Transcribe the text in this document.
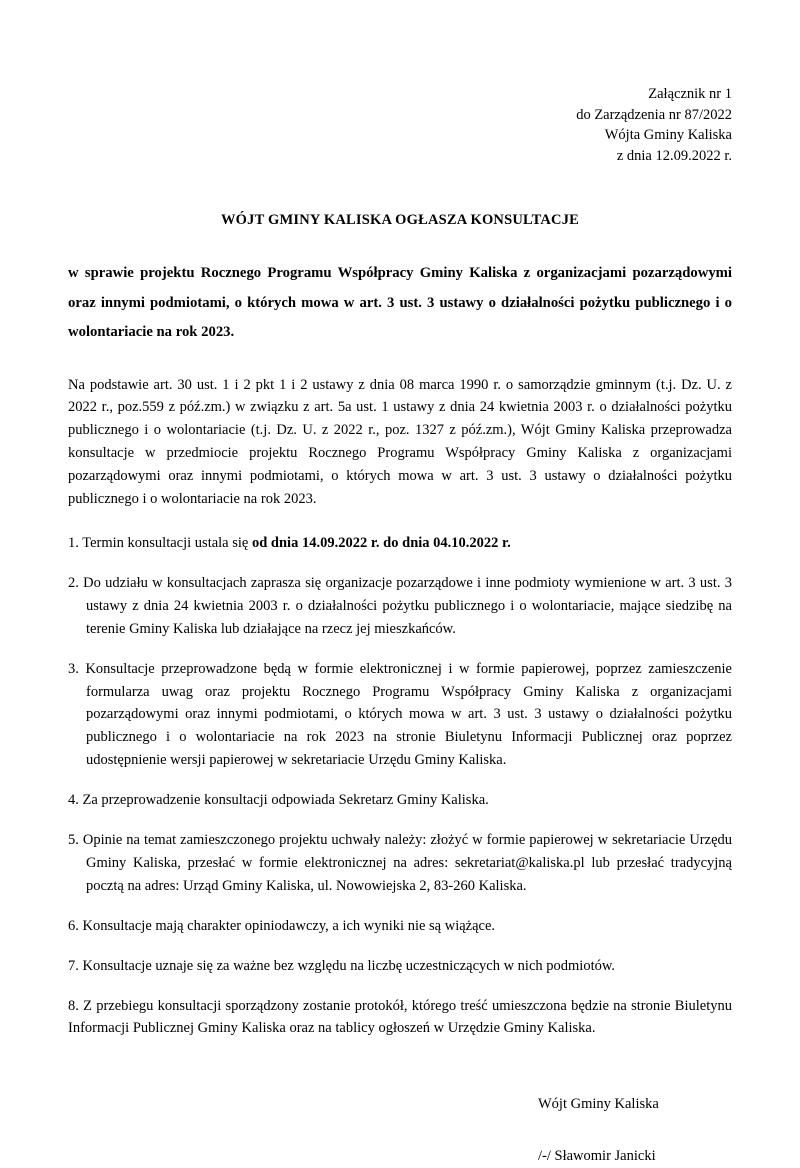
Załącznik nr 1
do Zarządzenia nr 87/2022
Wójta Gminy Kaliska
z dnia 12.09.2022 r.
WÓJT GMINY KALISKA OGŁASZA KONSULTACJE
w sprawie projektu Rocznego Programu Współpracy Gminy Kaliska z organizacjami pozarządowymi oraz innymi podmiotami, o których mowa w art. 3 ust. 3 ustawy o działalności pożytku publicznego i o wolontariacie na rok 2023.
Na podstawie art. 30 ust. 1 i 2 pkt 1 i 2 ustawy z dnia 08 marca 1990 r. o samorządzie gminnym (t.j. Dz. U. z 2022 r., poz.559 z póź.zm.) w związku z art. 5a ust. 1 ustawy z dnia 24 kwietnia 2003 r. o działalności pożytku publicznego i o wolontariacie (t.j. Dz. U. z 2022 r., poz. 1327 z póź.zm.), Wójt Gminy Kaliska przeprowadza konsultacje w przedmiocie projektu Rocznego Programu Współpracy Gminy Kaliska z organizacjami pozarządowymi oraz innymi podmiotami, o których mowa w art. 3 ust. 3 ustawy o działalności pożytku publicznego i o wolontariacie na rok 2023.
1. Termin konsultacji ustala się od dnia 14.09.2022 r. do dnia 04.10.2022 r.
2. Do udziału w konsultacjach zaprasza się organizacje pozarządowe i inne podmioty wymienione w art. 3 ust. 3 ustawy z dnia 24 kwietnia 2003 r. o działalności pożytku publicznego i o wolontariacie, mające siedzibę na terenie Gminy Kaliska lub działające na rzecz jej mieszkańców.
3. Konsultacje przeprowadzone będą w formie elektronicznej i w formie papierowej, poprzez zamieszczenie formularza uwag oraz projektu Rocznego Programu Współpracy Gminy Kaliska z organizacjami pozarządowymi oraz innymi podmiotami, o których mowa w art. 3 ust. 3 ustawy o działalności pożytku publicznego i o wolontariacie na rok 2023 na stronie Biuletynu Informacji Publicznej oraz poprzez udostępnienie wersji papierowej w sekretariacie Urzędu Gminy Kaliska.
4. Za przeprowadzenie konsultacji odpowiada Sekretarz Gminy Kaliska.
5. Opinie na temat zamieszczonego projektu uchwały należy: złożyć w formie papierowej w sekretariacie Urzędu Gminy Kaliska, przesłać w formie elektronicznej na adres: sekretariat@kaliska.pl lub przesłać tradycyjną pocztą na adres: Urząd Gminy Kaliska, ul. Nowowiejska 2, 83-260 Kaliska.
6. Konsultacje mają charakter opiniodawczy, a ich wyniki nie są wiążące.
7. Konsultacje uznaje się za ważne bez względu na liczbę uczestniczących w nich podmiotów.
8. Z przebiegu konsultacji sporządzony zostanie protokół, którego treść umieszczona będzie na stronie Biuletynu Informacji Publicznej Gminy Kaliska oraz na tablicy ogłoszeń w Urzędzie Gminy Kaliska.
Wójt Gminy Kaliska
/-/ Sławomir Janicki
